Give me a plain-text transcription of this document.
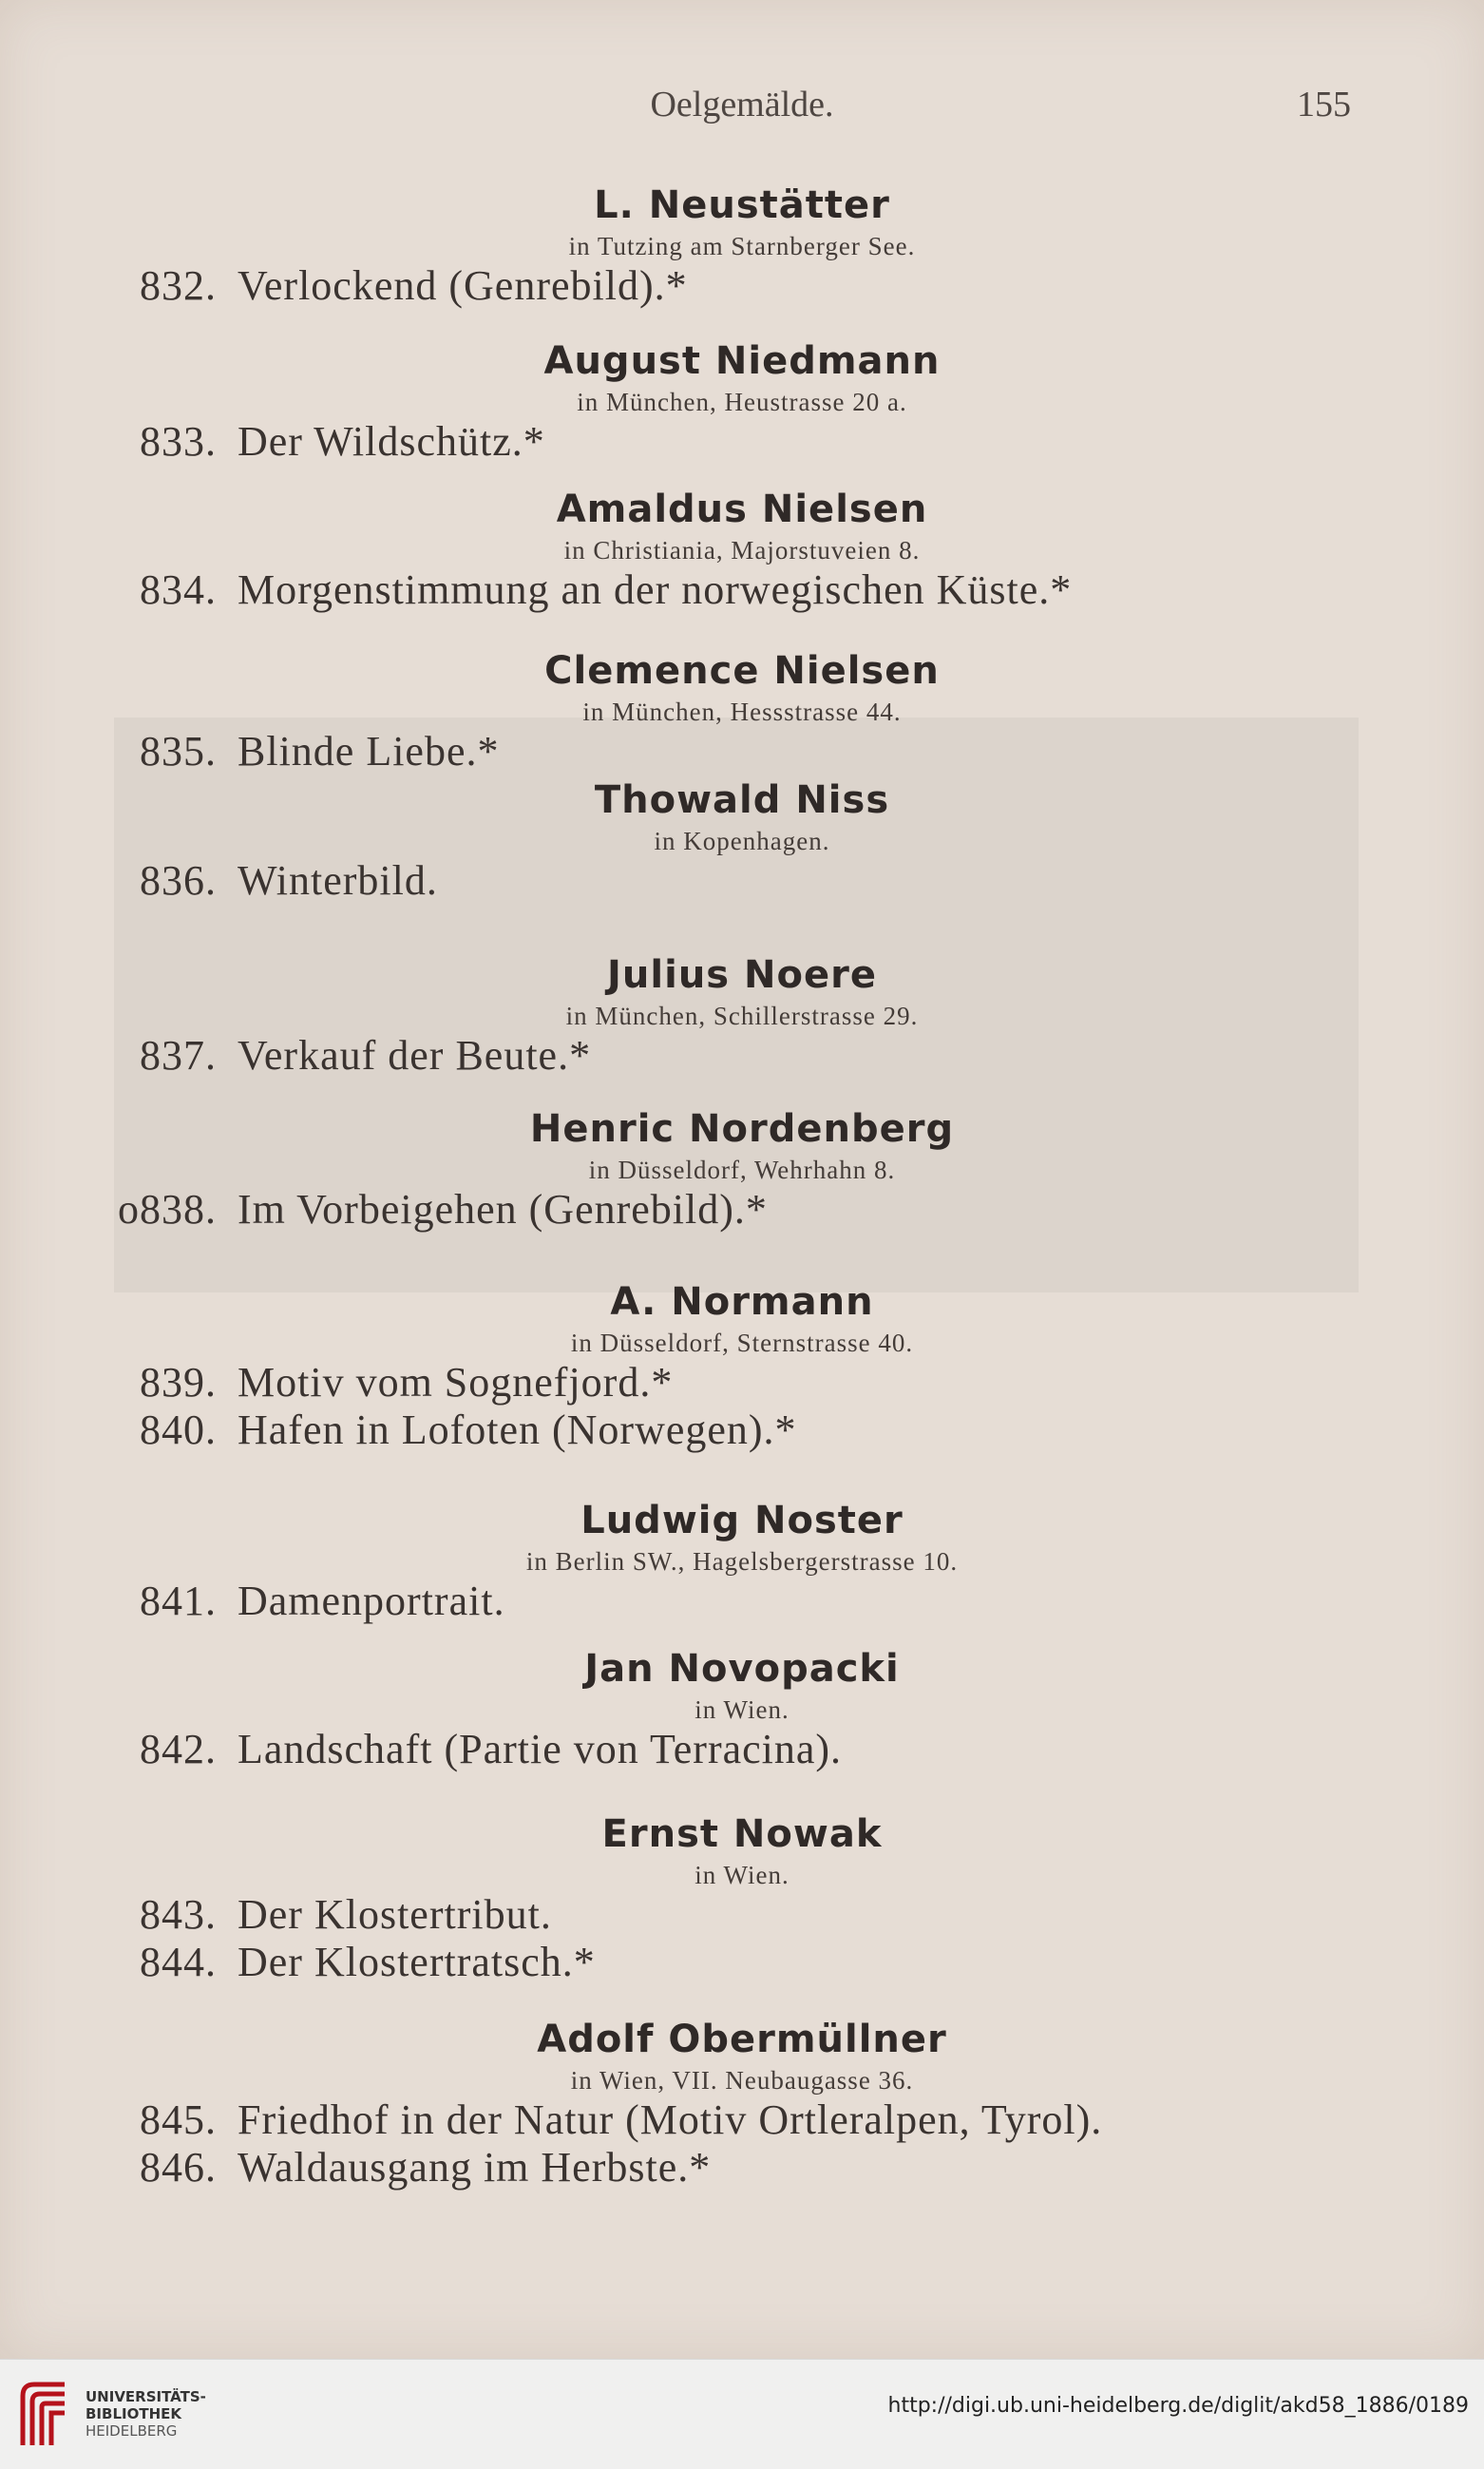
Oelgemälde.	155
L. Neustätter
in Tutzing am Starnberger See.
832. Verlockend (Genrebild).*
August Niedmann
in München, Heustrasse 20 a.
833. Der Wildschütz.*
Amaldus Nielsen
in Christiania, Majorstuveien 8.
834. Morgenstimmung an der norwegischen Küste.*
Clemence Nielsen
in München, Hessstrasse 44.
835. Blinde Liebe.*
Thowald Niss
in Kopenhagen.
836. Winterbild.
Julius Noere
in München, Schillerstrasse 29.
837. Verkauf der Beute.*
Henric Nordenberg
in Düsseldorf, Wehrhahn 8.
o838. Im Vorbeigehen (Genrebild).*
A. Normann
in Düsseldorf, Sternstrasse 40.
839. Motiv vom Sognefjord.*
840. Hafen in Lofoten (Norwegen).*
Ludwig Noster
in Berlin SW., Hagelsbergerstrasse 10.
841. Damenportrait.
Jan Novopacki
in Wien.
842. Landschaft (Partie von Terracina).
Ernst Nowak
in Wien.
843. Der Klostertribut.
844. Der Klostertratsch.*
Adolf Obermüllner
in Wien, VII. Neubaugasse 36.
845. Friedhof in der Natur (Motiv Ortleralpen, Tyrol).
846. Waldausgang im Herbste.*
UNIVERSITÄTS-
BIBLIOTHEK
HEIDELBERG
http://digi.ub.uni-heidelberg.de/diglit/akd58_1886/0189
